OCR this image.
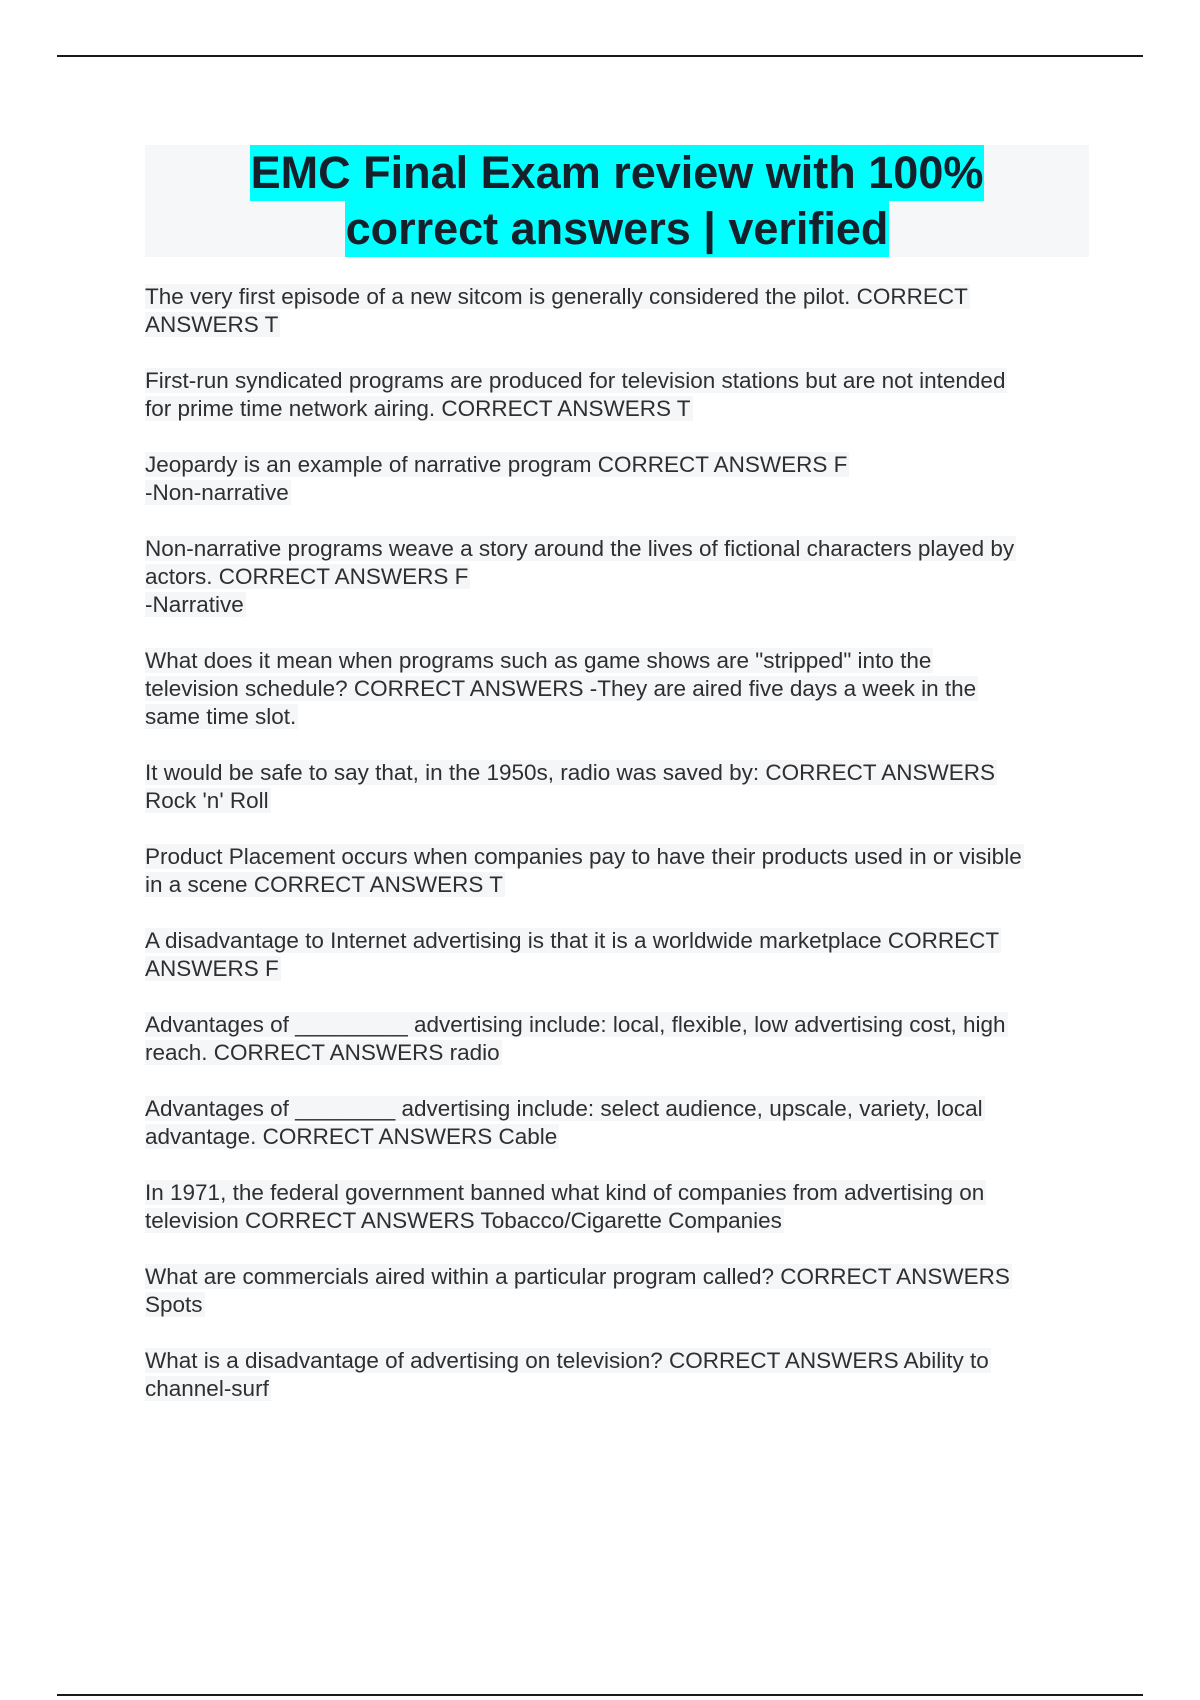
EMC Final Exam review with 100%
correct answers | verified
The very first episode of a new sitcom is generally considered the pilot. CORRECT
ANSWERS T
First-run syndicated programs are produced for television stations but are not intended
for prime time network airing. CORRECT ANSWERS T
Jeopardy is an example of narrative program CORRECT ANSWERS F
-Non-narrative
Non-narrative programs weave a story around the lives of fictional characters played by
actors. CORRECT ANSWERS F
-Narrative
What does it mean when programs such as game shows are "stripped" into the
television schedule? CORRECT ANSWERS -They are aired five days a week in the
same time slot.
It would be safe to say that, in the 1950s, radio was saved by: CORRECT ANSWERS
Rock 'n' Roll
Product Placement occurs when companies pay to have their products used in or visible
in a scene CORRECT ANSWERS T
A disadvantage to Internet advertising is that it is a worldwide marketplace CORRECT
ANSWERS F
Advantages of _________ advertising include: local, flexible, low advertising cost, high
reach. CORRECT ANSWERS radio
Advantages of ________ advertising include: select audience, upscale, variety, local
advantage. CORRECT ANSWERS Cable
In 1971, the federal government banned what kind of companies from advertising on
television CORRECT ANSWERS Tobacco/Cigarette Companies
What are commercials aired within a particular program called? CORRECT ANSWERS
Spots
What is a disadvantage of advertising on television? CORRECT ANSWERS Ability to
channel-surf
